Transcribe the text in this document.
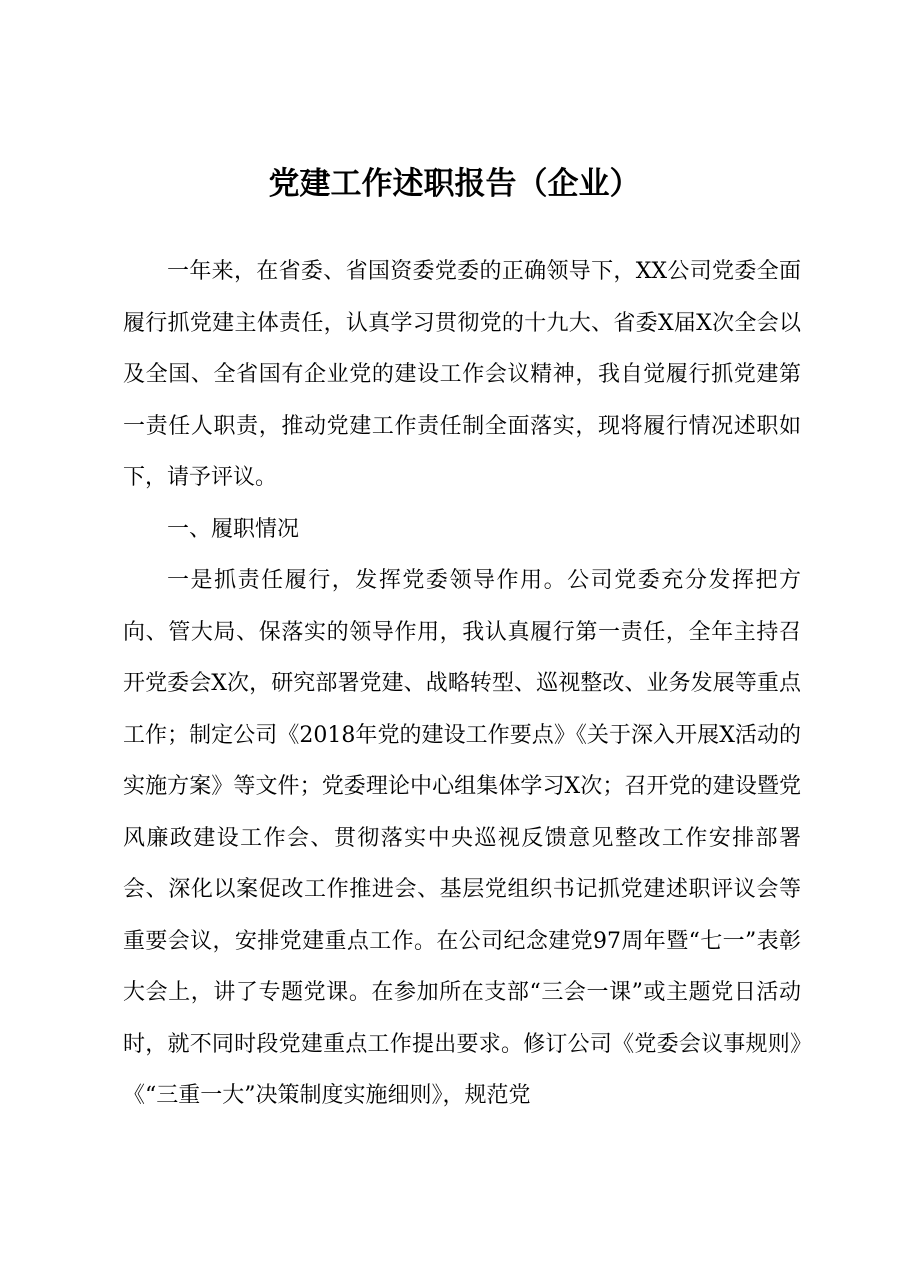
党建工作述职报告（企业）

一年来，在省委、省国资委党委的正确领导下，XX公司党委全面履行抓党建主体责任，认真学习贯彻党的十九大、省委X届X次全会以及全国、全省国有企业党的建设工作会议精神，我自觉履行抓党建第一责任人职责，推动党建工作责任制全面落实，现将履行情况述职如下，请予评议。

一、履职情况

一是抓责任履行，发挥党委领导作用。公司党委充分发挥把方向、管大局、保落实的领导作用，我认真履行第一责任，全年主持召开党委会X次，研究部署党建、战略转型、巡视整改、业务发展等重点工作；制定公司《2018年党的建设工作要点》《关于深入开展X活动的实施方案》等文件；党委理论中心组集体学习X次；召开党的建设暨党风廉政建设工作会、贯彻落实中央巡视反馈意见整改工作安排部署会、深化以案促改工作推进会、基层党组织书记抓党建述职评议会等重要会议，安排党建重点工作。在公司纪念建党97周年暨“七一”表彰大会上，讲了专题党课。在参加所在支部“三会一课”或主题党日活动时，就不同时段党建重点工作提出要求。修订公司《党委会议事规则》《“三重一大”决策制度实施细则》，规范党
